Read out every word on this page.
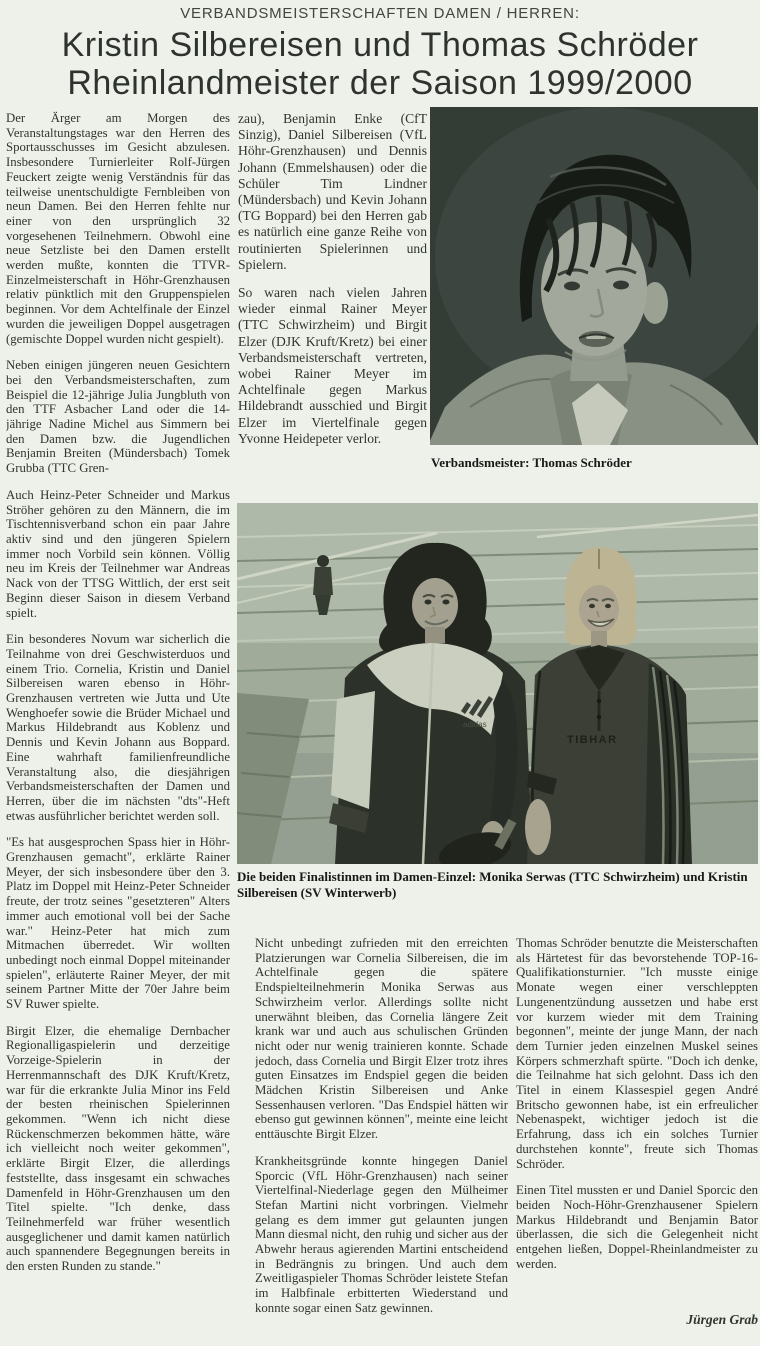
VERBANDSMEISTERSCHAFTEN DAMEN / HERREN:
Kristin Silbereisen und Thomas Schröder
Rheinlandmeister der Saison 1999/2000

Der Ärger am Morgen des Veranstaltungstages war den Herren des Sportausschusses im Gesicht abzulesen. Insbesondere Turnierleiter Rolf-Jürgen Feuckert zeigte wenig Verständnis für das teilweise unentschuldigte Fernbleiben von neun Damen. Bei den Herren fehlte nur einer von den ursprünglich 32 vorgesehenen Teilnehmern. Obwohl eine neue Setzliste bei den Damen erstellt werden mußte, konnten die TTVR-Einzelmeisterschaft in Höhr-Grenzhausen relativ pünktlich mit den Gruppenspielen beginnen. Vor dem Achtelfinale der Einzel wurden die jeweiligen Doppel ausgetragen (gemischte Doppel wurden nicht gespielt).

Neben einigen jüngeren neuen Gesichtern bei den Verbandsmeisterschaften, zum Beispiel die 12-jährige Julia Jungbluth von den TTF Asbacher Land oder die 14-jährige Nadine Michel aus Simmern bei den Damen bzw. die Jugendlichen Benjamin Breiten (Mündersbach) Tomek Grubba (TTC Gren-

Auch Heinz-Peter Schneider und Markus Ströher gehören zu den Männern, die im Tischtennisverband schon ein paar Jahre aktiv sind und den jüngeren Spielern immer noch Vorbild sein können. Völlig neu im Kreis der Teilnehmer war Andreas Nack von der TTSG Wittlich, der erst seit Beginn dieser Saison in diesem Verband spielt.

Ein besonderes Novum war sicherlich die Teilnahme von drei Geschwisterduos und einem Trio. Cornelia, Kristin und Daniel Silbereisen waren ebenso in Höhr-Grenzhausen vertreten wie Jutta und Ute Wenghoefer sowie die Brüder Michael und Markus Hildebrandt aus Koblenz und Dennis und Kevin Johann aus Boppard. Eine wahrhaft familienfreundliche Veranstaltung also, die diesjährigen Verbandsmeisterschaften der Damen und Herren, über die im nächsten "dts"-Heft etwas ausführlicher berichtet werden soll.

"Es hat ausgesprochen Spass hier in Höhr-Grenzhausen gemacht", erklärte Rainer Meyer, der sich insbesondere über den 3. Platz im Doppel mit Heinz-Peter Schneider freute, der trotz seines "gesetzteren" Alters immer auch emotional voll bei der Sache war." Heinz-Peter hat mich zum Mitmachen überredet. Wir wollten unbedingt noch einmal Doppel miteinander spielen", erläuterte Rainer Meyer, der mit seinem Partner Mitte der 70er Jahre beim SV Ruwer spielte.

Birgit Elzer, die ehemalige Dernbacher Regionalligaspielerin und derzeitige Vorzeige-Spielerin in der Herrenmannschaft des DJK Kruft/Kretz, war für die erkrankte Julia Minor ins Feld der besten rheinischen Spielerinnen gekommen. "Wenn ich nicht diese Rückenschmerzen bekommen hätte, wäre ich vielleicht noch weiter gekommen", erklärte Birgit Elzer, die allerdings feststellte, dass insgesamt ein schwaches Damenfeld in Höhr-Grenzhausen um den Titel spielte. "Ich denke, dass Teilnehmerfeld war früher wesentlich ausgeglichener und damit kamen natürlich auch spannendere Begegnungen bereits in den ersten Runden zu stande."

zau), Benjamin Enke (CfT Sinzig), Daniel Silbereisen (VfL Höhr-Grenzhausen) und Dennis Johann (Emmelshausen) oder die Schüler Tim Lindner (Mündersbach) und Kevin Johann (TG Boppard) bei den Herren gab es natürlich eine ganze Reihe von routinierten Spielerinnen und Spielern.

So waren nach vielen Jahren wieder einmal Rainer Meyer (TTC Schwirzheim) und Birgit Elzer (DJK Kruft/Kretz) bei einer Verbandsmeisterschaft vertreten, wobei Rainer Meyer im Achtelfinale gegen Markus Hildebrandt ausschied und Birgit Elzer im Viertelfinale gegen Yvonne Heidepeter verlor.

Verbandsmeister: Thomas Schröder
adidas
TIBHAR
Die beiden Finalistinnen im Damen-Einzel: Monika Serwas (TTC Schwirzheim) und Kristin Silbereisen (SV Winterwerb)

Nicht unbedingt zufrieden mit den erreichten Platzierungen war Cornelia Silbereisen, die im Achtelfinale gegen die spätere Endspielteilnehmerin Monika Serwas aus Schwirzheim verlor. Allerdings sollte nicht unerwähnt bleiben, das Cornelia längere Zeit krank war und auch aus schulischen Gründen nicht oder nur wenig trainieren konnte. Schade jedoch, dass Cornelia und Birgit Elzer trotz ihres guten Einsatzes im Endspiel gegen die beiden Mädchen Kristin Silbereisen und Anke Sessenhausen verloren. "Das Endspiel hätten wir ebenso gut gewinnen können", meinte eine leicht enttäuschte Birgit Elzer.

Krankheitsgründe konnte hingegen Daniel Sporcic (VfL Höhr-Grenzhausen) nach seiner Viertelfinal-Niederlage gegen den Mülheimer Stefan Martini nicht vorbringen. Vielmehr gelang es dem immer gut gelaunten jungen Mann diesmal nicht, den ruhig und sicher aus der Abwehr heraus agierenden Martini entscheidend in Bedrängnis zu bringen. Und auch dem Zweitligaspieler Thomas Schröder leistete Stefan im Halbfinale erbitterten Wiederstand und konnte sogar einen Satz gewinnen.

Thomas Schröder benutzte die Meisterschaften als Härtetest für das bevorstehende TOP-16-Qualifikationsturnier. "Ich musste einige Monate wegen einer verschleppten Lungenentzündung aussetzen und habe erst vor kurzem wieder mit dem Training begonnen", meinte der junge Mann, der nach dem Turnier jeden einzelnen Muskel seines Körpers schmerzhaft spürte. "Doch ich denke, die Teilnahme hat sich gelohnt. Dass ich den Titel in einem Klassespiel gegen André Britscho gewonnen habe, ist ein erfreulicher Nebenaspekt, wichtiger jedoch ist die Erfahrung, dass ich ein solches Turnier durchstehen konnte", freute sich Thomas Schröder.

Einen Titel mussten er und Daniel Sporcic den beiden Noch-Höhr-Grenzhausener Spielern Markus Hildebrandt und Benjamin Bator überlassen, die sich die Gelegenheit nicht entgehen ließen, Doppel-Rheinlandmeister zu werden.

Jürgen Grab
